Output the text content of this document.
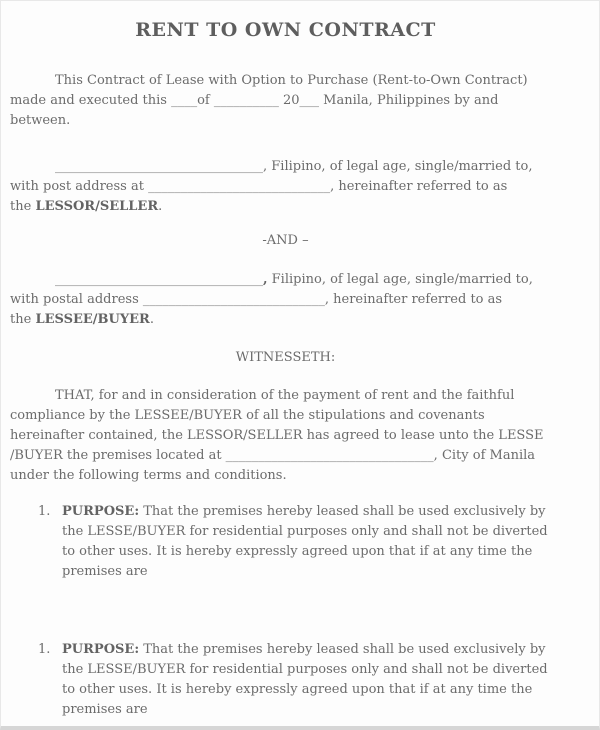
RENT TO OWN CONTRACT

This Contract of Lease with Option to Purchase (Rent-to-Own Contract) made and executed this ____of __________ 20___ Manila, Philippines by and between.

________________________________, Filipino, of legal age, single/married to,
with post address at ____________________________, hereinafter referred to as
the LESSOR/SELLER.

-AND –

________________________________, Filipino, of legal age, single/married to,
with postal address ____________________________, hereinafter referred to as
the LESSEE/BUYER.

WITNESSETH:

THAT, for and in consideration of the payment of rent and the faithful compliance by the LESSEE/BUYER of all the stipulations and covenants hereinafter contained, the LESSOR/SELLER has agreed to lease unto the LESSE /BUYER the premises located at ________________________________, City of Manila under the following terms and conditions.

1. PURPOSE: That the premises hereby leased shall be used exclusively by the LESSE/BUYER for residential purposes only and shall not be diverted to other uses. It is hereby expressly agreed upon that if at any time the premises are

1. PURPOSE: That the premises hereby leased shall be used exclusively by the LESSE/BUYER for residential purposes only and shall not be diverted to other uses. It is hereby expressly agreed upon that if at any time the premises are
